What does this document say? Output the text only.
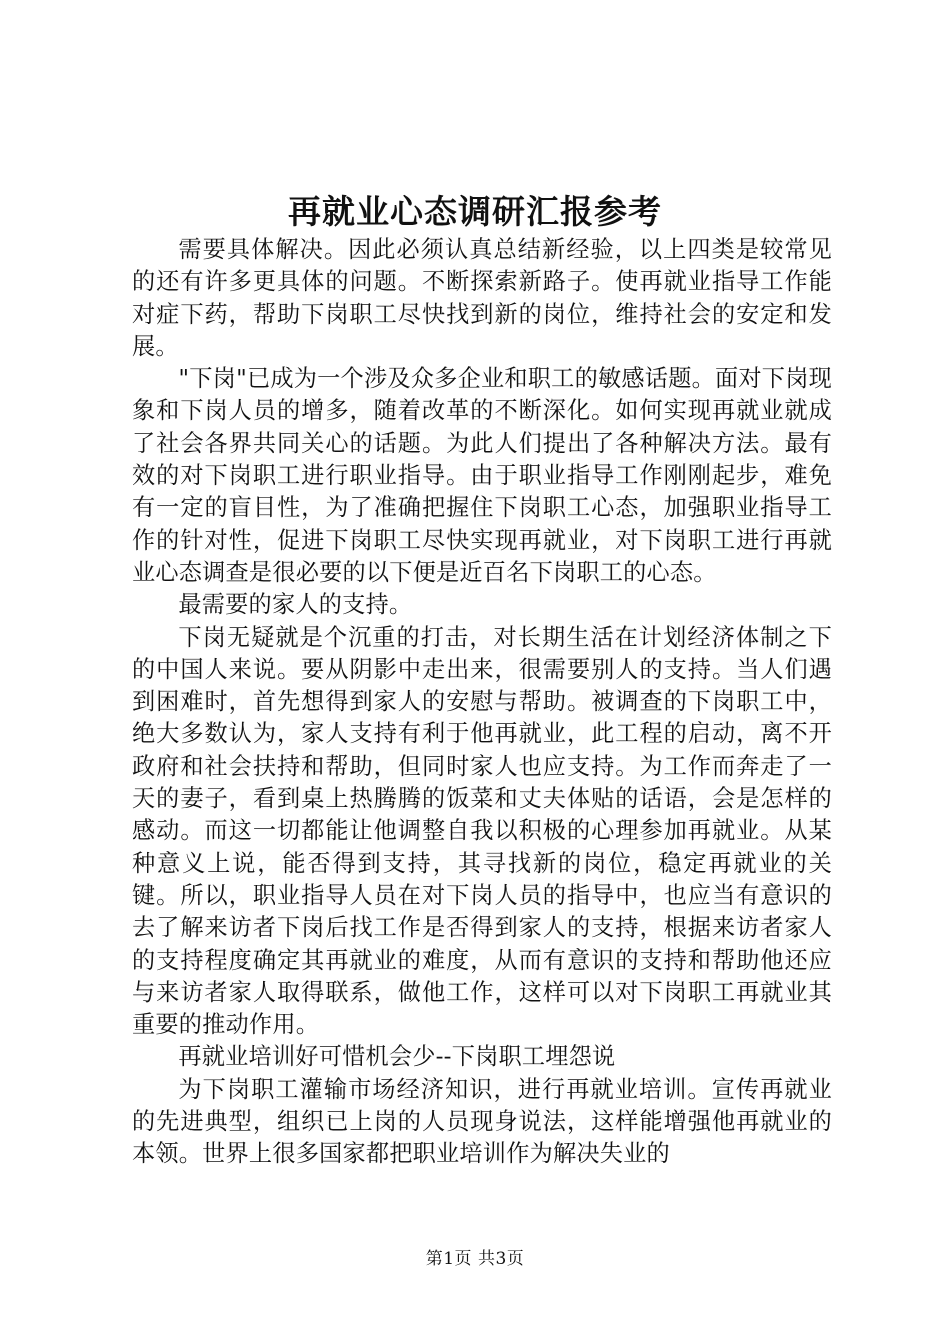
再就业心态调研汇报参考

需要具体解决。因此必须认真总结新经验，以上四类是较常见的还有许多更具体的问题。不断探索新路子。使再就业指导工作能对症下药，帮助下岗职工尽快找到新的岗位，维持社会的安定和发展。

"下岗"已成为一个涉及众多企业和职工的敏感话题。面对下岗现象和下岗人员的增多，随着改革的不断深化。如何实现再就业就成了社会各界共同关心的话题。为此人们提出了各种解决方法。最有效的对下岗职工进行职业指导。由于职业指导工作刚刚起步，难免有一定的盲目性，为了准确把握住下岗职工心态，加强职业指导工作的针对性，促进下岗职工尽快实现再就业，对下岗职工进行再就业心态调查是很必要的以下便是近百名下岗职工的心态。

最需要的家人的支持。

下岗无疑就是个沉重的打击，对长期生活在计划经济体制之下的中国人来说。要从阴影中走出来，很需要别人的支持。当人们遇到困难时，首先想得到家人的安慰与帮助。被调查的下岗职工中，绝大多数认为，家人支持有利于他再就业，此工程的启动，离不开政府和社会扶持和帮助，但同时家人也应支持。为工作而奔走了一天的妻子，看到桌上热腾腾的饭菜和丈夫体贴的话语，会是怎样的感动。而这一切都能让他调整自我以积极的心理参加再就业。从某种意义上说，能否得到支持，其寻找新的岗位，稳定再就业的关键。所以，职业指导人员在对下岗人员的指导中，也应当有意识的去了解来访者下岗后找工作是否得到家人的支持，根据来访者家人的支持程度确定其再就业的难度，从而有意识的支持和帮助他还应与来访者家人取得联系，做他工作，这样可以对下岗职工再就业其重要的推动作用。

再就业培训好可惜机会少--下岗职工埋怨说

为下岗职工灌输市场经济知识，进行再就业培训。宣传再就业的先进典型，组织已上岗的人员现身说法，这样能增强他再就业的本领。世界上很多国家都把职业培训作为解决失业的

第1页 共3页
